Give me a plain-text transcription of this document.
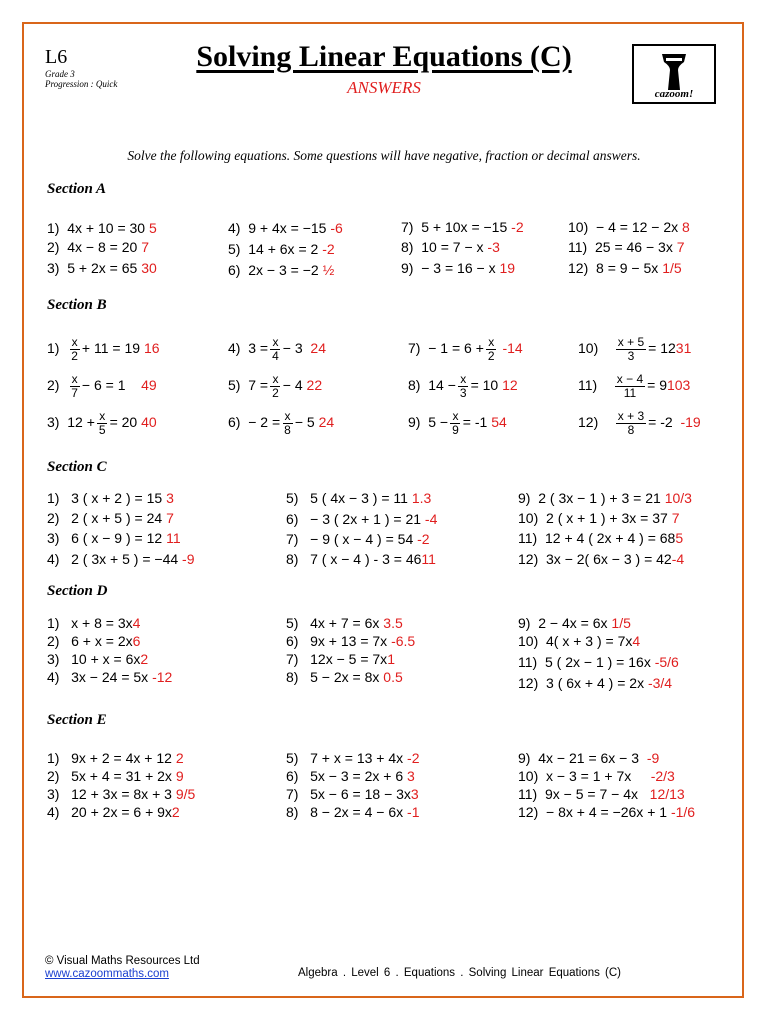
L6
Grade 3
Progression : Quick
Solving Linear Equations (C)
ANSWERS	cazoom!
Solve the following equations. Some questions will have negative, fraction or decimal answers.
Section A
Section B
Section C
Section D
Section E
1) 4x + 10 = 30 5
2) 4x − 8 = 20 7
3) 5 + 2x = 65 30
4) 9 + 4x = −15 -6
5) 14 + 6x = 2 -2
6) 2x − 3 = −2 ½
7) 5 + 10x = −15 -2
8) 10 = 7 − x -3
9) − 3 = 16 − x 19
10) − 4 = 12 − 2x 8
11) 25 = 46 − 3x 7
12) 8 = 9 − 5x 1/5
$1) \frac{x}{2} + 11 = 19$ 16
$2) \frac{x}{7} - 6 = 1$ 49
3) $12 + \frac{x}{5} = 20$ 40
4) $3 = \frac{x}{4} - 3$ 24
5) $7 = \frac{x}{2} - 4$ 22
$6) - 2 = \frac{x}{8} - 5$ 24
$7) - 1 = 6 + \frac{x}{2} -14$
8) $14 - \frac{x}{3} = 10$ 12
9) $5 - \frac{x}{9} = -1$ 54
$10) \frac{x + 5}{3} = 1231$
$11) \frac{x - 4}{11} = 9103$
$12) \frac{x + 3}{8} = -2$ -19
1) 3 ( x + 2 ) = 15 3
2) 2 ( x + 5 ) = 24 7
3) 6 ( x − 9 ) = 12 11
4) 2 ( 3x + 5 ) = −44 -9
5) 5 ( 4x − 3 ) = 11 1.3
6) − 3 ( 2x + 1 ) = 21 -4
7) − 9 ( x − 4 ) = 54 -2
8) 7 ( x − 4 ) - 3 = 4611
9) 2 ( 3x − 1 ) + 3 = 21 10/3
10) 2 ( x + 1 ) + 3x = 37 7
11) 12 + 4 ( 2x + 4 ) = 685
12) 3x − 2( 6x − 3 ) = 42-4
1) x + 8 = 3x4
2) 6 + x = 2x6
3) 10 + x = 6x2
4) 3x − 24 = 5x -12
5) 4x + 7 = 6x 3.5
6) 9x + 13 = 7x -6.5
7) 12x − 5 = 7x1
8) 5 − 2x = 8x 0.5
9) 2 − 4x = 6x 1/5
10) 4( x + 3 ) = 7x4
11) 5 ( 2x − 1 ) = 16x -5/6
12) 3 ( 6x + 4 ) = 2x -3/4
1) 9x + 2 = 4x + 12 2
2) 5x + 4 = 31 + 2x 9
3) 12 + 3x = 8x + 3 9/5
4) 20 + 2x = 6 + 9x2
5) 7 + x = 13 + 4x -2
6) 5x − 3 = 2x + 6 3
7) 5x − 6 = 18 − 3x3
8) 8 − 2x = 4 − 6x -1
9) 4x − 21 = 6x − 3 -9
10) x − 3 = 1 + 7x -2/3
11) 9x − 5 = 7 − 4x 12/13
12) − 8x + 4 = −26x + 1 -1/6
© Visual Maths Resources Ltd
www.cazoommaths.com	Algebra . Level 6 . Equations . Solving Linear Equations (C)
